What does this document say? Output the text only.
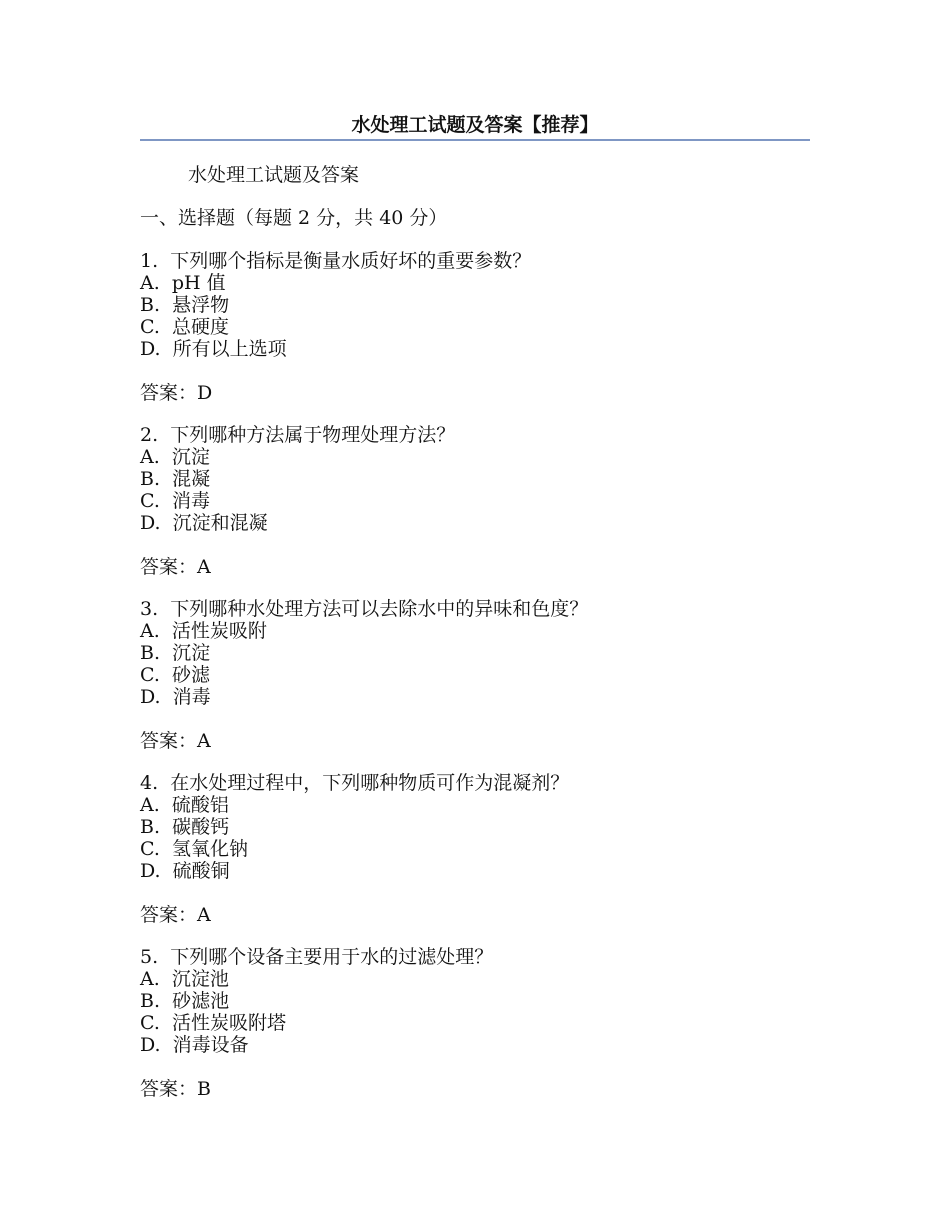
水处理工试题及答案【推荐】
水处理工试题及答案
一、选择题（每题 2 分，共 40 分）
1.  下列哪个指标是衡量水质好坏的重要参数？
A.  pH 值
B.  悬浮物
C.  总硬度
D.  所有以上选项
答案：D
2.  下列哪种方法属于物理处理方法？
A.  沉淀
B.  混凝
C.  消毒
D.  沉淀和混凝
答案：A
3.  下列哪种水处理方法可以去除水中的异味和色度？
A.  活性炭吸附
B.  沉淀
C.  砂滤
D.  消毒
答案：A
4.  在水处理过程中，下列哪种物质可作为混凝剂？
A.  硫酸铝
B.  碳酸钙
C.  氢氧化钠
D.  硫酸铜
答案：A
5.  下列哪个设备主要用于水的过滤处理？
A.  沉淀池
B.  砂滤池
C.  活性炭吸附塔
D.  消毒设备
答案：B
